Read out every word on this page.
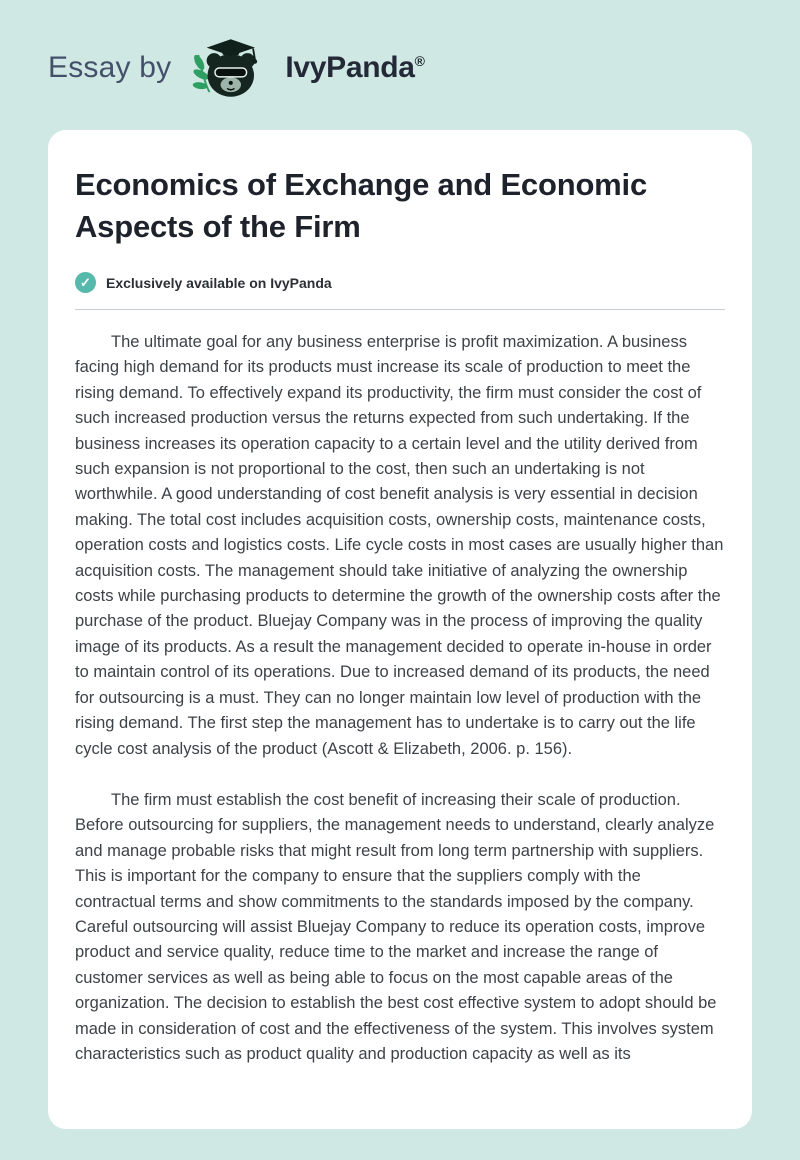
Essay by	IvyPanda®
Economics of Exchange and Economic Aspects of the Firm
✓	Exclusively available on IvyPanda

The ultimate goal for any business enterprise is profit maximization. A business facing high demand for its products must increase its scale of production to meet the rising demand. To effectively expand its productivity, the firm must consider the cost of such increased production versus the returns expected from such undertaking. If the business increases its operation capacity to a certain level and the utility derived from such expansion is not proportional to the cost, then such an undertaking is not worthwhile. A good understanding of cost benefit analysis is very essential in decision making. The total cost includes acquisition costs, ownership costs, maintenance costs, operation costs and logistics costs. Life cycle costs in most cases are usually higher than acquisition costs. The management should take initiative of analyzing the ownership costs while purchasing products to determine the growth of the ownership costs after the purchase of the product. Bluejay Company was in the process of improving the quality image of its products. As a result the management decided to operate in-house in order to maintain control of its operations. Due to increased demand of its products, the need for outsourcing is a must. They can no longer maintain low level of production with the rising demand. The first step the management has to undertake is to carry out the life cycle cost analysis of the product (Ascott & Elizabeth, 2006. p. 156).

The firm must establish the cost benefit of increasing their scale of production. Before outsourcing for suppliers, the management needs to understand, clearly analyze and manage probable risks that might result from long term partnership with suppliers. This is important for the company to ensure that the suppliers comply with the contractual terms and show commitments to the standards imposed by the company. Careful outsourcing will assist Bluejay Company to reduce its operation costs, improve product and service quality, reduce time to the market and increase the range of customer services as well as being able to focus on the most capable areas of the organization. The decision to establish the best cost effective system to adopt should be made in consideration of cost and the effectiveness of the system. This involves system characteristics such as product quality and production capacity as well as its
